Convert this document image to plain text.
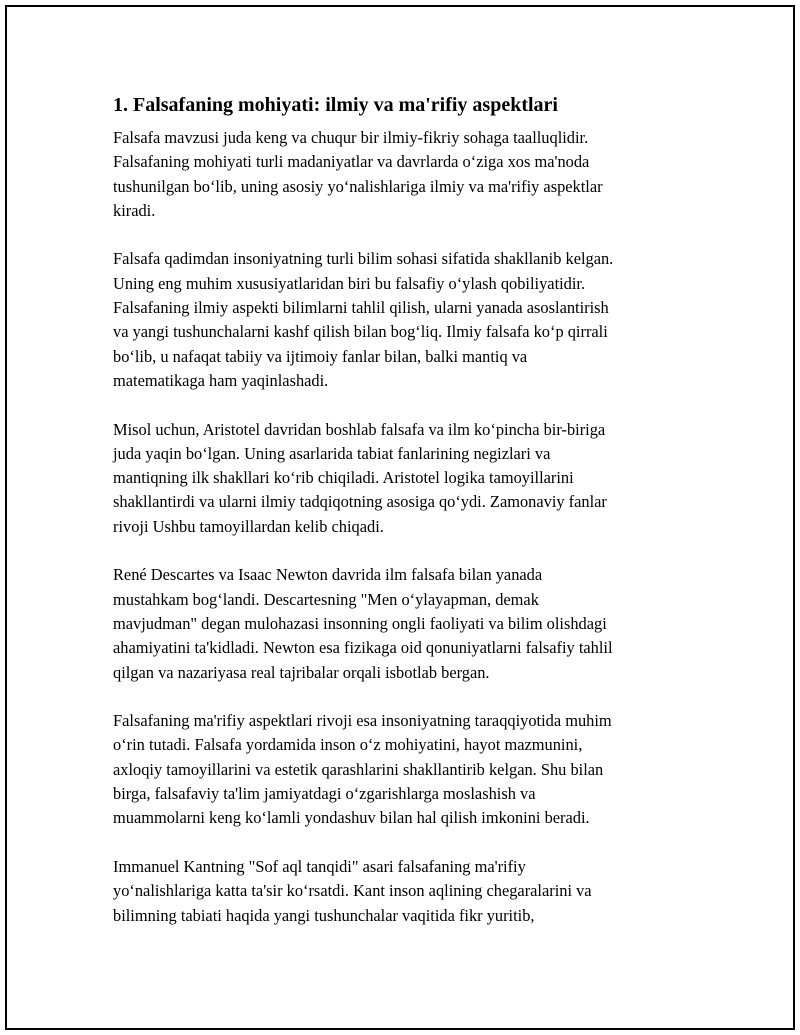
1. Falsafaning mohiyati: ilmiy va ma'rifiy aspektlari

Falsafa mavzusi juda keng va chuqur bir ilmiy-fikriy sohaga taalluqlidir.
Falsafaning mohiyati turli madaniyatlar va davrlarda o‘ziga xos ma'noda
tushunilgan bo‘lib, uning asosiy yo‘nalishlariga ilmiy va ma'rifiy aspektlar
kiradi.

Falsafa qadimdan insoniyatning turli bilim sohasi sifatida shakllanib kelgan.
Uning eng muhim xususiyatlaridan biri bu falsafiy o‘ylash qobiliyatidir.
Falsafaning ilmiy aspekti bilimlarni tahlil qilish, ularni yanada asoslantirish
va yangi tushunchalarni kashf qilish bilan bog‘liq. Ilmiy falsafa ko‘p qirrali
bo‘lib, u nafaqat tabiiy va ijtimoiy fanlar bilan, balki mantiq va
matematikaga ham yaqinlashadi.

Misol uchun, Aristotel davridan boshlab falsafa va ilm ko‘pincha bir-biriga
juda yaqin bo‘lgan. Uning asarlarida tabiat fanlarining negizlari va
mantiqning ilk shakllari ko‘rib chiqiladi. Aristotel logika tamoyillarini
shakllantirdi va ularni ilmiy tadqiqotning asosiga qo‘ydi. Zamonaviy fanlar
rivoji Ushbu tamoyillardan kelib chiqadi.

René Descartes va Isaac Newton davrida ilm falsafa bilan yanada
mustahkam bog‘landi. Descartesning "Men o‘ylayapman, demak
mavjudman" degan mulohazasi insonning ongli faoliyati va bilim olishdagi
ahamiyatini ta'kidladi. Newton esa fizikaga oid qonuniyatlarni falsafiy tahlil
qilgan va nazariyasa real tajribalar orqali isbotlab bergan.

Falsafaning ma'rifiy aspektlari rivoji esa insoniyatning taraqqiyotida muhim
o‘rin tutadi. Falsafa yordamida inson o‘z mohiyatini, hayot mazmunini,
axloqiy tamoyillarini va estetik qarashlarini shakllantirib kelgan. Shu bilan
birga, falsafaviy ta'lim jamiyatdagi o‘zgarishlarga moslashish va
muammolarni keng ko‘lamli yondashuv bilan hal qilish imkonini beradi.

Immanuel Kantning "Sof aql tanqidi" asari falsafaning ma'rifiy
yo‘nalishlariga katta ta'sir ko‘rsatdi. Kant inson aqlining chegaralarini va
bilimning tabiati haqida yangi tushunchalar vaqitida fikr yuritib,
